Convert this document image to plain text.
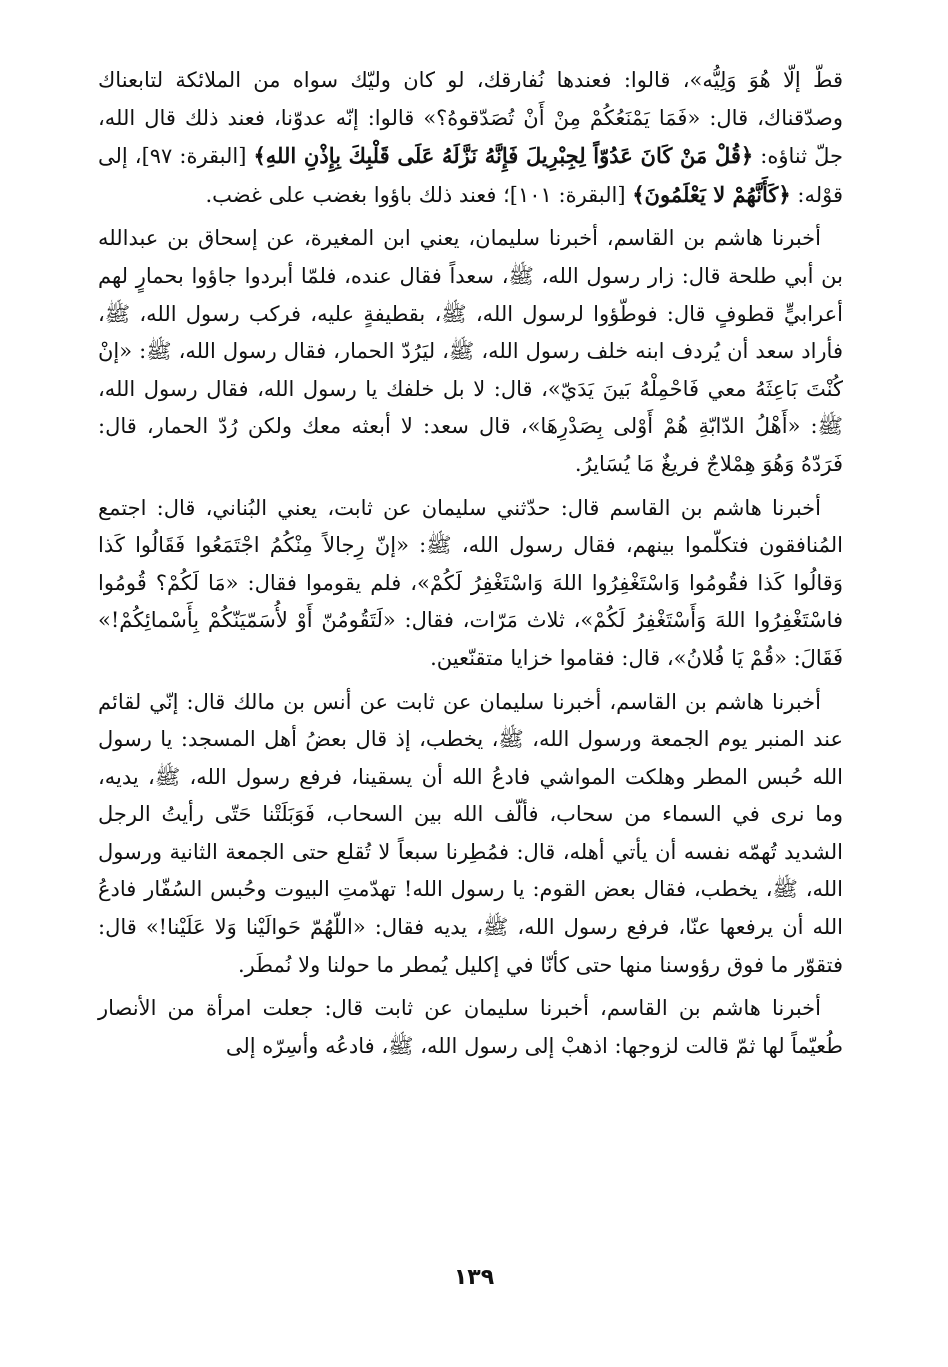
قطّ إلّا هُوَ وَلِيُّه»، قالوا: فعندها نُفارقك، لو كان وليّك سواه من الملائكة لتابعناك وصدّقناك، قال: «فَمَا يَمْنَعُكُمْ مِنْ أَنْ تُصَدّقوهُ؟» قالوا: إنّه عدوّنا، فعند ذلك قال الله، جلّ ثناؤه: ﴿قُلْ مَنْ كَانَ عَدُوّاً لِجِبْرِيلَ فَإِنَّهُ نَزَّلَهُ عَلَى قَلْبِكَ بِإِذْنِ اللهِ﴾ [البقرة: ٩٧]، إلى قوْله: ﴿كَأَنَّهُمْ لا يَعْلَمُونَ﴾ [البقرة: ١٠١]؛ فعند ذلك باؤوا بغضب على غضب.

أخبرنا هاشم بن القاسم، أخبرنا سليمان، يعني ابن المغيرة، عن إسحاق بن عبدالله بن أبي طلحة قال: زار رسول الله، ﷺ، سعداً فقال عنده، فلمّا أبردوا جاؤوا بحمارٍ لهم أعرابيٍّ قطوفٍ قال: فوطّؤوا لرسول الله، ﷺ، بقطيفةٍ عليه، فركب رسول الله، ﷺ، فأراد سعد أن يُردف ابنه خلف رسول الله، ﷺ، ليَرُدّ الحمار، فقال رسول الله، ﷺ: «إنْ كُنْتَ بَاعِثَهُ معي فَاحْمِلْهُ بَينَ يَدَيّ»، قال: لا بل خلفك يا رسول الله، فقال رسول الله، ﷺ: «أَهْلُ الدّابّةِ هُمْ أَوْلى بِصَدْرِهَا»، قال سعد: لا أبعثه معك ولكن رُدّ الحمار، قال: فَرَدّهُ وَهُوَ هِمْلاجٌ فريغٌ مَا يُسَايرُ.

أخبرنا هاشم بن القاسم قال: حدّثني سليمان عن ثابت، يعني البُناني، قال: اجتمع المُنافقون فتكلّموا بينهم، فقال رسول الله، ﷺ: «إنّ رِجالاً مِنْكُمُ اجْتَمَعُوا فَقَالُوا كَذا وَقالُوا كَذا فقُومُوا وَاسْتَغْفِرُوا اللهَ وَاسْتَغْفِرُ لَكُمْ»، فلم يقوموا فقال: «مَا لَكُمْ؟ قُومُوا فاسْتَغْفِرُوا اللهَ وَأَسْتَغْفِرُ لَكُمْ»، ثلاث مَرّات، فقال: «لَتَقُومُنّ أَوْ لأُسَمّيَنّكُمْ بِأَسْمائِكُمْ!» فَقَالَ: «قُمْ يَا فُلانُ»، قال: فقاموا خزايا متقنّعين.

أخبرنا هاشم بن القاسم، أخبرنا سليمان عن ثابت عن أنس بن مالك قال: إنّي لقائم عند المنبر يوم الجمعة ورسول الله، ﷺ، يخطب، إذ قال بعضُ أهل المسجد: يا رسول الله حُبس المطر وهلكت المواشي فادعُ الله أن يسقينا، فرفع رسول الله، ﷺ، يديه، وما نرى في السماء من سحاب، فألّف الله بين السحاب، فَوَبَلَتْنا حَتّى رأيتُ الرجل الشديد تُهمّه نفسه أن يأتي أهله، قال: فمُطِرنا سبعاً لا تُقلع حتى الجمعة الثانية ورسول الله، ﷺ، يخطب، فقال بعض القوم: يا رسول الله! تهدّمتِ البيوت وحُبس السُفّار فادعُ الله أن يرفعها عنّا، فرفع رسول الله، ﷺ، يديه فقال: «اللّهُمّ حَوالَيْنا وَلا عَلَيْنا!» قال: فتقوّر ما فوق رؤوسنا منها حتى كأنّا في إكليل يُمطر ما حولنا ولا نُمطَر.

أخبرنا هاشم بن القاسم، أخبرنا سليمان عن ثابت قال: جعلت امرأة من الأنصار طُعيّماً لها ثمّ قالت لزوجها: اذهبْ إلى رسول الله، ﷺ، فادعُه وأسِرّه إلى

١٣٩
